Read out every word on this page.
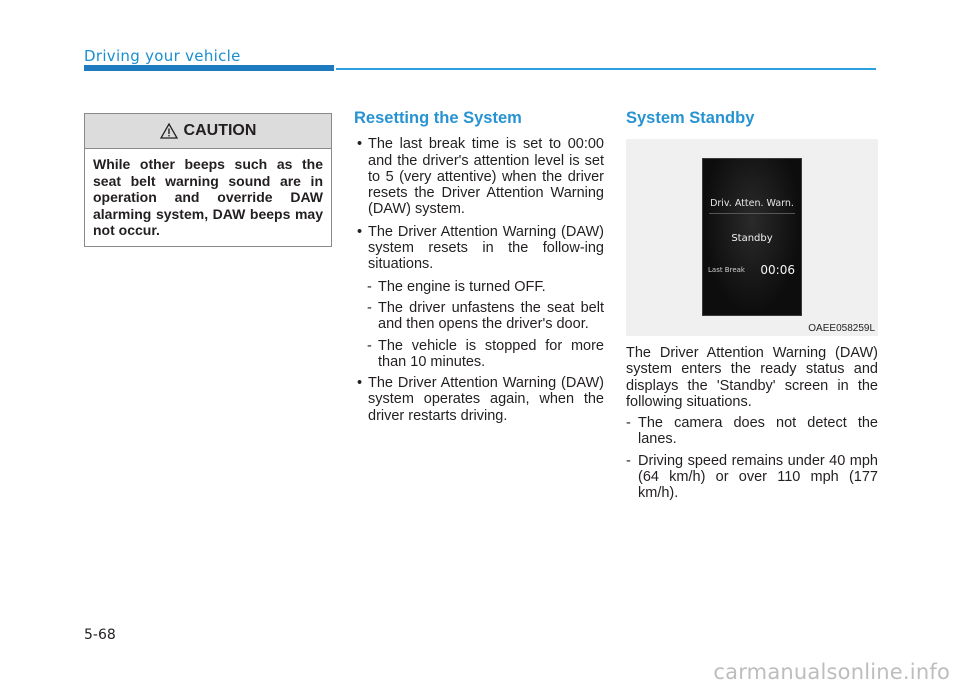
Driving your vehicle
CAUTION
While other beeps such as the seat belt warning sound are in operation and override DAW alarming system, DAW beeps may not occur.
Resetting the System
• The last break time is set to 00:00 and the driver's attention level is set to 5 (very attentive) when the driver resets the Driver Attention Warning (DAW) system.
• The Driver Attention Warning (DAW) system resets in the follow-ing situations.
- The engine is turned OFF.
- The driver unfastens the seat belt and then opens the driver's door.
- The vehicle is stopped for more than 10 minutes.
• The Driver Attention Warning (DAW) system operates again, when the driver restarts driving.
System Standby
Driv. Atten. Warn.
Standby
Last Break 00:06
OAEE058259L
The Driver Attention Warning (DAW) system enters the ready status and displays the 'Standby' screen in the following situations.
- The camera does not detect the lanes.
- Driving speed remains under 40 mph (64 km/h) or over 110 mph (177 km/h).
5-68
carmanualsonline.info
